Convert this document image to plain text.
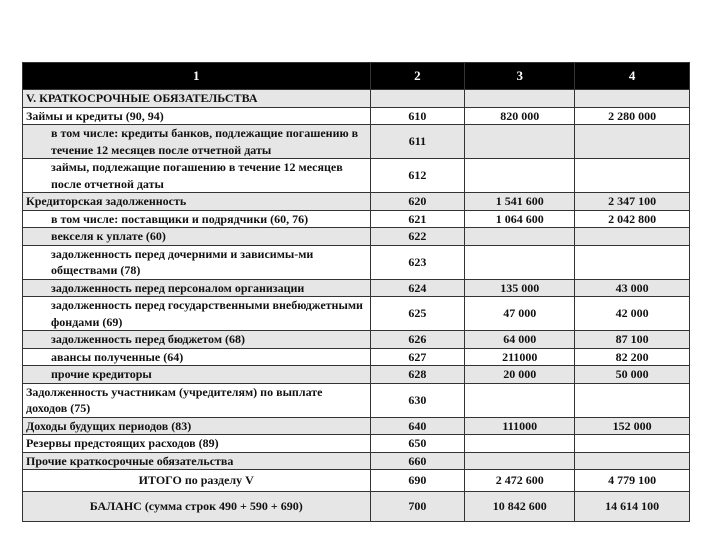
1	2	3	4
V. КРАТКОСРОЧНЫЕ ОБЯЗАТЕЛЬСТВА			
Займы и кредиты (90, 94)	610	820 000	2 280 000
в том числе: кредиты банков, подлежащие погашению в течение 12 месяцев после отчетной даты	611		
займы, подлежащие погашению в течение 12 месяцев после отчетной даты	612		
Кредиторская задолженность	620	1 541 600	2 347 100
в том числе: поставщики и подрядчики (60, 76)	621	1 064 600	2 042 800
векселя к уплате (60)	622		
задолженность перед дочерними и зависимы-ми обществами (78)	623		
задолженность перед персоналом организации	624	135 000	43 000
задолженность перед государственными внебюджетными фондами (69)	625	47 000	42 000
задолженность перед бюджетом (68)	626	64 000	87 100
авансы полученные (64)	627	211000	82 200
прочие кредиторы	628	20 000	50 000
Задолженность участникам (учредителям) по выплате доходов (75)	630		
Доходы будущих периодов (83)	640	111000	152 000
Резервы предстоящих расходов (89)	650		
Прочие краткосрочные обязательства	660		
ИТОГО по разделу V	690	2 472 600	4 779 100
БАЛАНС (сумма строк 490 + 590 + 690)	700	10 842 600	14 614 100
